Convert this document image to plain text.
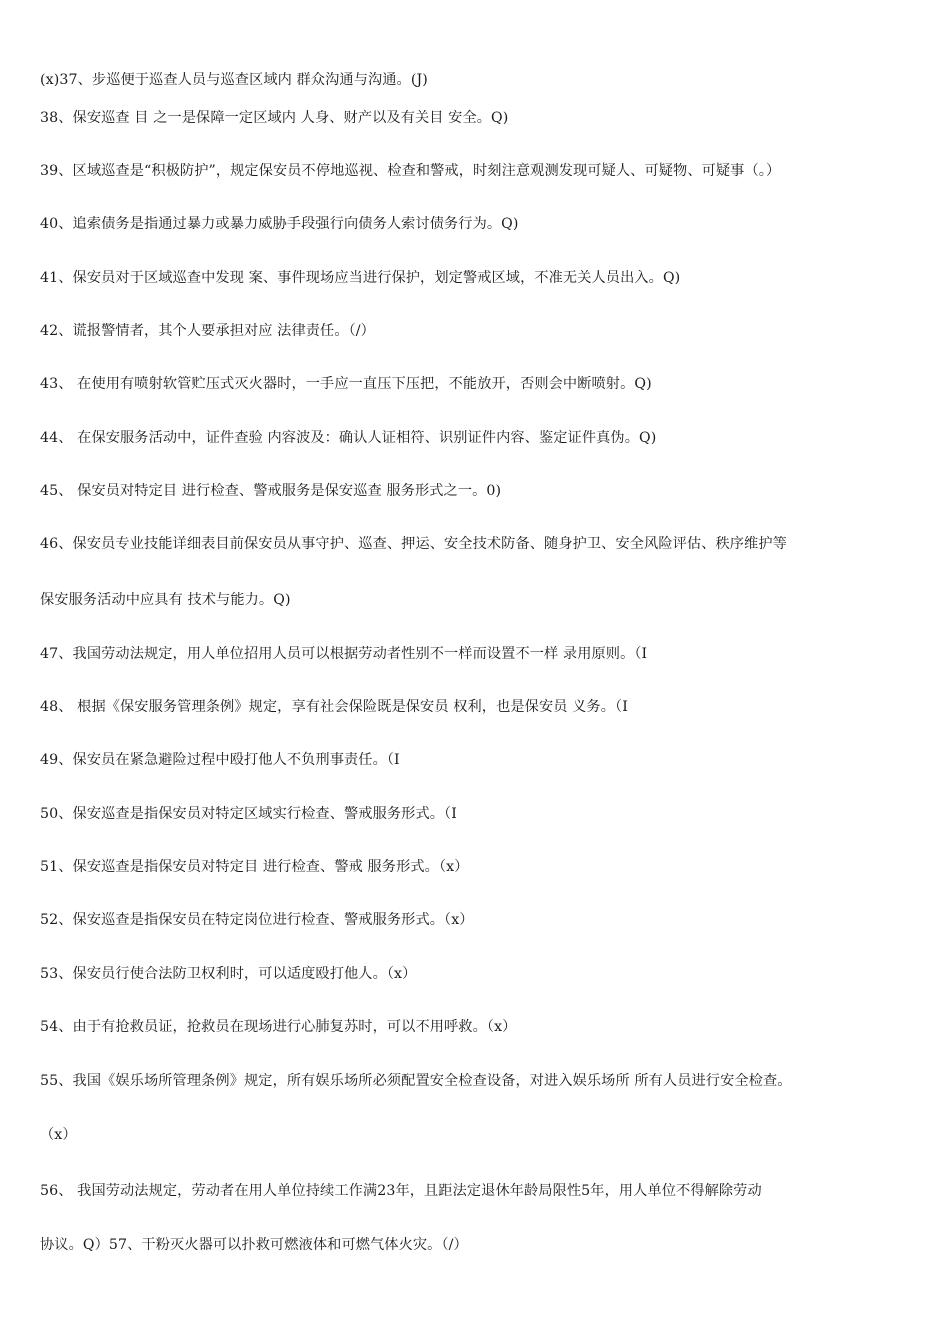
(x)37、步巡便于巡查人员与巡查区域内 群众沟通与沟通。(J)
38、保安巡查 目 之一是保障一定区域内 人身、财产以及有关目 安全。Q)
39、区域巡查是“积极防护”，规定保安员不停地巡视、检查和警戒，时刻注意观测发现可疑人、可疑物、可疑事（。）
40、追索债务是指通过暴力或暴力威胁手段强行向债务人索讨债务行为。Q)
41、保安员对于区域巡查中发现 案、事件现场应当进行保护，划定警戒区域，不准无关人员出入。Q)
42、谎报警情者，其个人要承担对应 法律责任。（/）
43、 在使用有喷射软管贮压式灭火器时，一手应一直压下压把，不能放开，否则会中断喷射。Q)
44、 在保安服务活动中，证件查验 内容波及：确认人证相符、识别证件内容、鉴定证件真伪。Q)
45、 保安员对特定目 进行检查、警戒服务是保安巡查 服务形式之一。0)
46、保安员专业技能详细表目前保安员从事守护、巡查、押运、安全技术防备、随身护卫、安全风险评估、秩序维护等
保安服务活动中应具有 技术与能力。Q)
47、我国劳动法规定，用人单位招用人员可以根据劳动者性别不一样而设置不一样 录用原则。（I
48、 根据《保安服务管理条例》规定，享有社会保险既是保安员 权利，也是保安员 义务。（I
49、保安员在紧急避险过程中殴打他人不负刑事责任。（I
50、保安巡查是指保安员对特定区域实行检查、警戒服务形式。（I
51、保安巡查是指保安员对特定目 进行检查、警戒 服务形式。（x）
52、保安巡查是指保安员在特定岗位进行检查、警戒服务形式。（x）
53、保安员行使合法防卫权利时，可以适度殴打他人。（x）
54、由于有抢救员证，抢救员在现场进行心肺复苏时，可以不用呼救。（x）
55、我国《娱乐场所管理条例》规定，所有娱乐场所必须配置安全检查设备，对进入娱乐场所 所有人员进行安全检查。
（x）
56、 我国劳动法规定，劳动者在用人单位持续工作满23年，且距法定退休年龄局限性5年，用人单位不得解除劳动
协议。Q）57、干粉灭火器可以扑救可燃液体和可燃气体火灾。（/）
